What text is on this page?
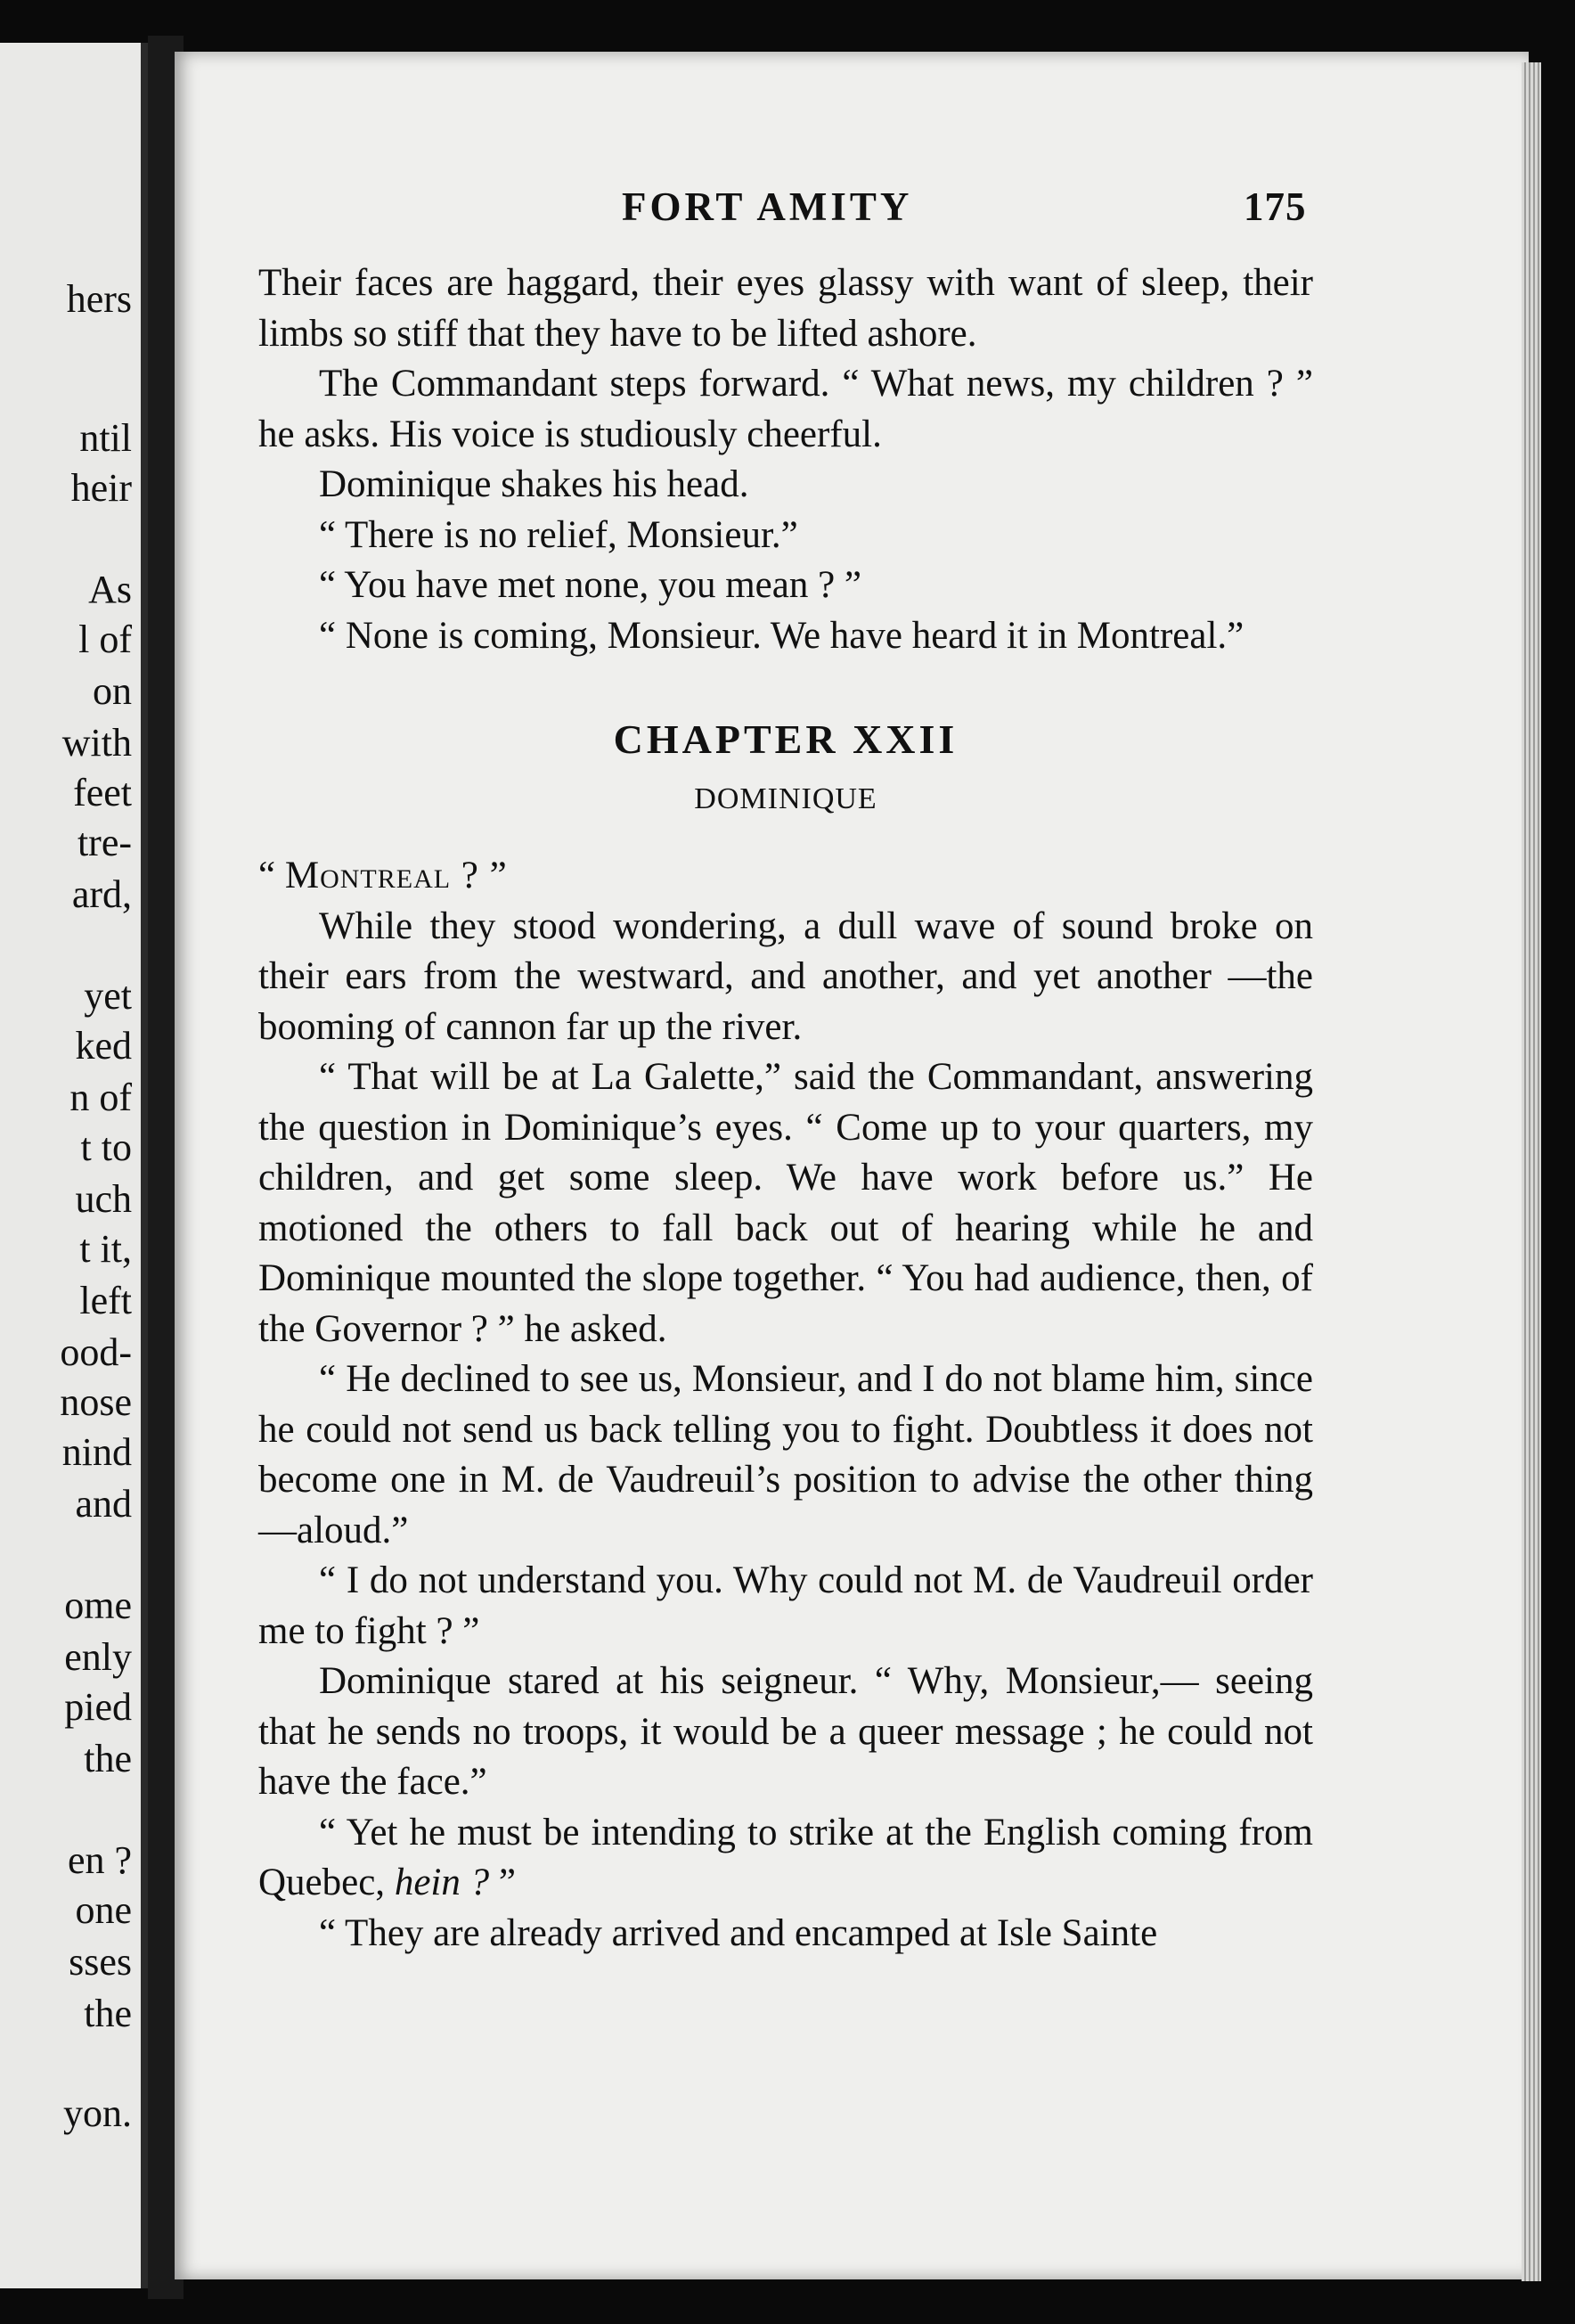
hers
ntil
heir
As
l of
on
with
feet
tre-
ard,
yet
ked
n of
t to
uch
t it,
left
ood-
nose
nind
and
ome
enly
pied
the
en ?
one
sses
the
yon.
FORT AMITY	175

Their faces are haggard, their eyes glassy with want of sleep, their limbs so stiff that they have to be lifted ashore.

The Commandant steps forward. “ What news, my children ? ” he asks. His voice is studiously cheerful.

Dominique shakes his head.

“ There is no relief, Monsieur.”

“ You have met none, you mean ? ”

“ None is coming, Monsieur. We have heard it in Montreal.”

CHAPTER XXII
DOMINIQUE

“ Montreal ? ”

While they stood wondering, a dull wave of sound broke on their ears from the westward, and another, and yet another —the booming of cannon far up the river.

“ That will be at La Galette,” said the Commandant, answering the question in Dominique’s eyes. “ Come up to your quarters, my children, and get some sleep. We have work before us.” He motioned the others to fall back out of hearing while he and Dominique mounted the slope together. “ You had audience, then, of the Governor ? ” he asked.

“ He declined to see us, Monsieur, and I do not blame him, since he could not send us back telling you to fight. Doubtless it does not become one in M. de Vaudreuil’s position to advise the other thing—aloud.”

“ I do not understand you. Why could not M. de Vaudreuil order me to fight ? ”

Dominique stared at his seigneur. “ Why, Monsieur,— seeing that he sends no troops, it would be a queer message ; he could not have the face.”

“ Yet he must be intending to strike at the English coming from Quebec, hein ? ”

“ They are already arrived and encamped at Isle Sainte
